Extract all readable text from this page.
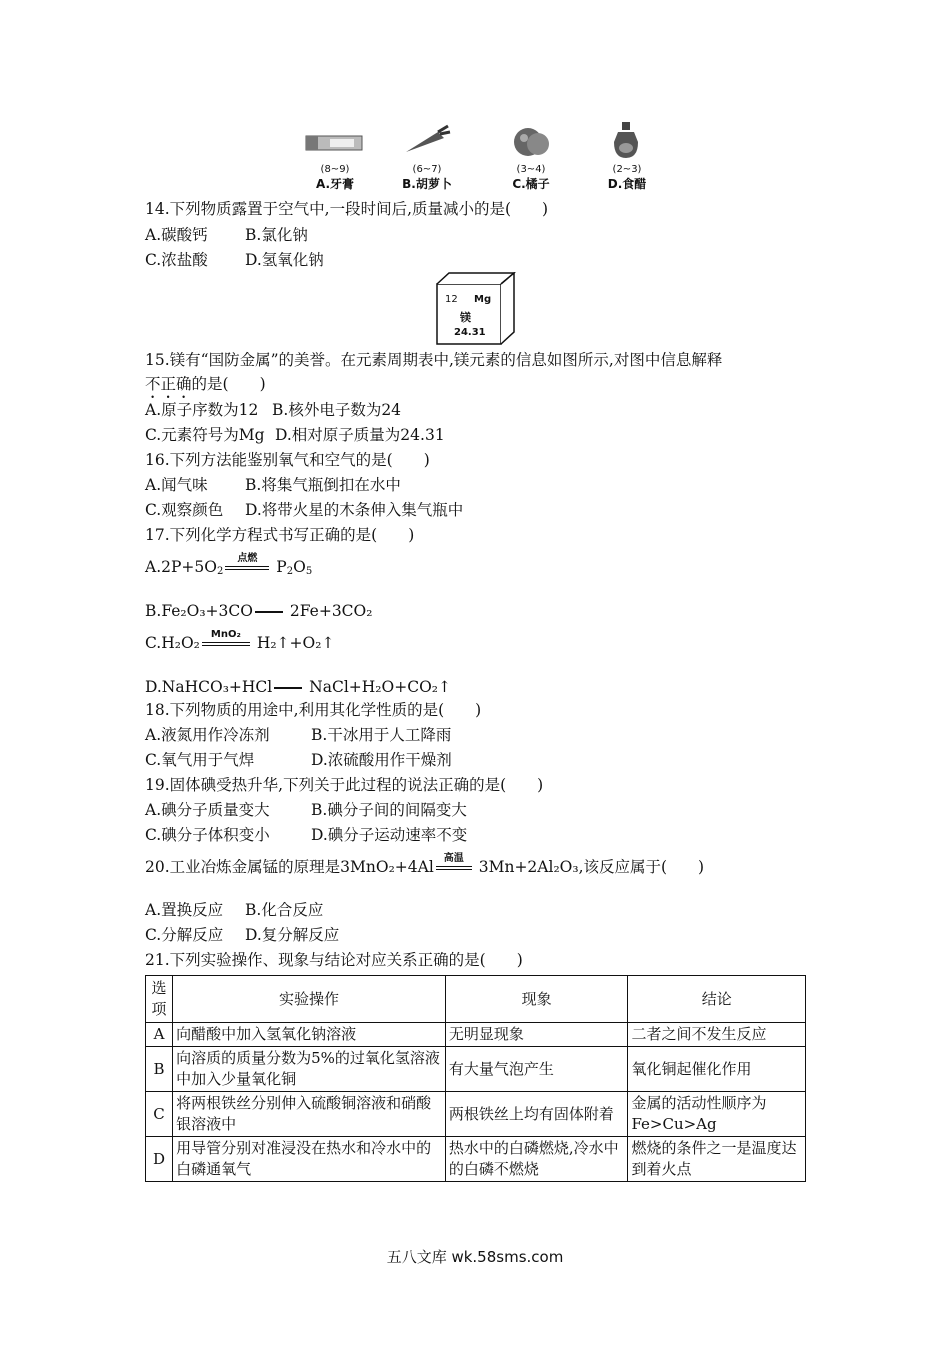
(8~9)
A.牙膏
(6~7)
B.胡萝卜
(3~4)
C.橘子
(2~3)
D.食醋
14.下列物质露置于空气中,一段时间后,质量减小的是(　　)
A.碳酸钙 B.氯化钠
C.浓盐酸 D.氢氧化钠
12 Mg
镁
24.31
15.镁有“国防金属”的美誉。在元素周期表中,镁元素的信息如图所示,对图中信息解释
不正确的是(　　)
A.原子序数为12 B.核外电子数为24
C.元素符号为Mg D.相对原子质量为24.31
16.下列方法能鉴别氧气和空气的是(　　)
A.闻气味 B.将集气瓶倒扣在水中
C.观察颜色 D.将带火星的木条伸入集气瓶中
17.下列化学方程式书写正确的是(　　)
$A.2P+5O_2$
点燃	$P_2O_5$
B.Fe₂O₃+3CO 2Fe+3CO₂
C.H₂O₂	MnO₂	H₂↑+O₂↑
D.NaHCO₃+HCl NaCl+H₂O+CO₂↑
18.下列物质的用途中,利用其化学性质的是(　　)
A.液氮用作冷冻剂	B.干冰用于人工降雨
C.氧气用于气焊	D.浓硫酸用作干燥剂
19.固体碘受热升华,下列关于此过程的说法正确的是(　　)
A.碘分子质量变大	B.碘分子间的间隔变大
C.碘分子体积变小	D.碘分子运动速率不变
20.工业冶炼金属锰的原理是3MnO₂+4Al	高温 3Mn+2Al₂O₃,该反应属于(　　)
A.置换反应 B.化合反应
C.分解反应 D.复分解反应
21.下列实验操作、现象与结论对应关系正确的是(　　)
选项	实验操作	现象	结论
A	向醋酸中加入氢氧化钠溶液	无明显现象	二者之间不发生反应
B	向溶质的质量分数为5%的过氧化氢溶液中加入少量氧化铜	有大量气泡产生	氧化铜起催化作用
C	将两根铁丝分别伸入硫酸铜溶液和硝酸银溶液中	两根铁丝上均有固体附着	金属的活动性顺序为Fe>Cu>Ag
D	用导管分别对准浸没在热水和冷水中的白磷通氧气	热水中的白磷燃烧,冷水中的白磷不燃烧	燃烧的条件之一是温度达到着火点
五八文库 wk.58sms.com
